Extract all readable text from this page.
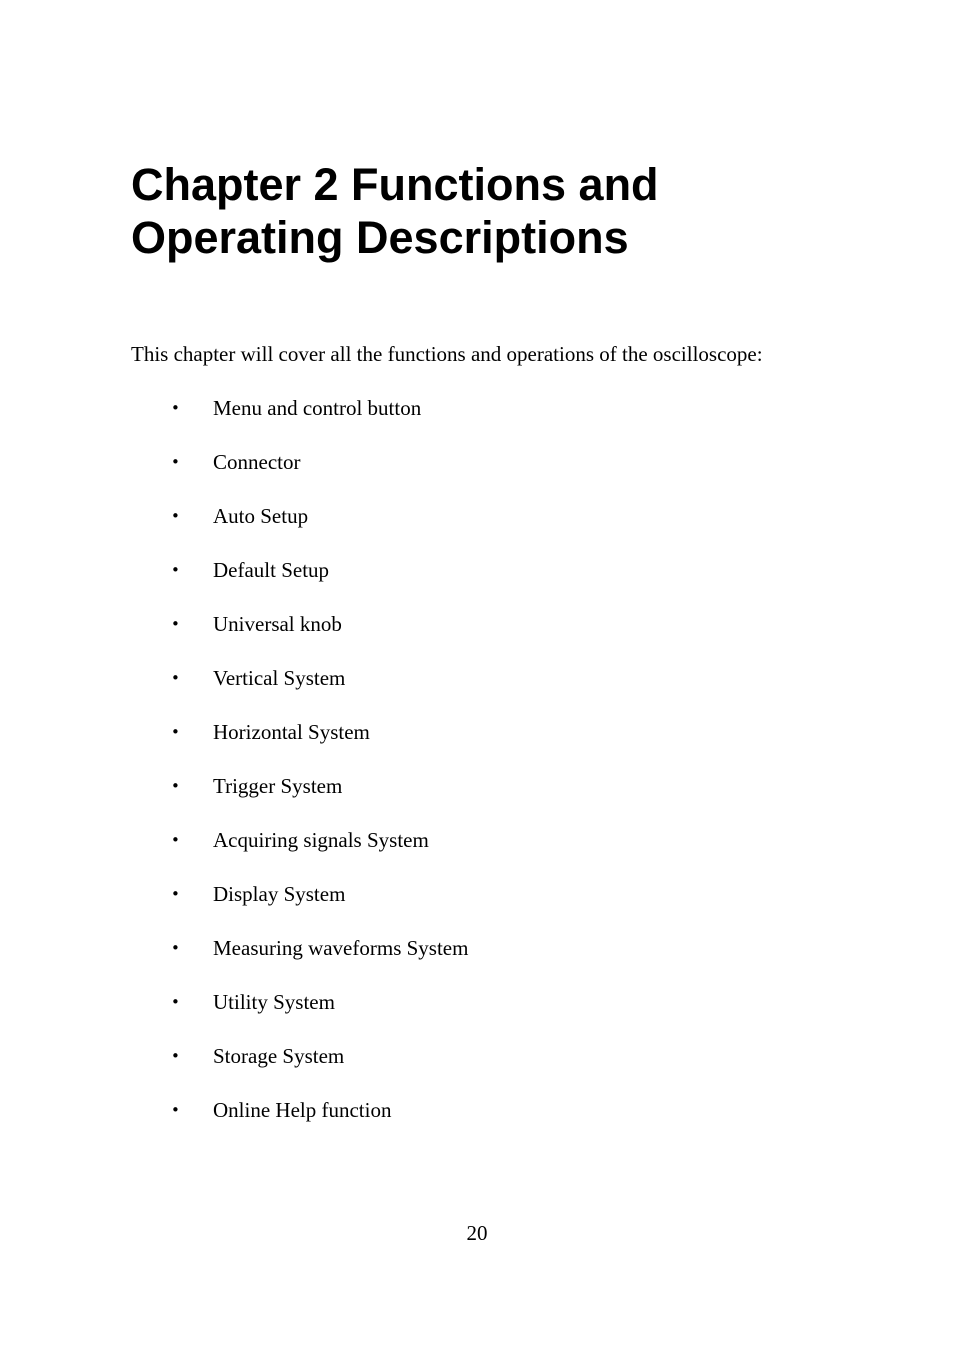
Chapter 2 Functions and
Operating Descriptions

This chapter will cover all the functions and operations of the oscilloscope:

• Menu and control button
• Connector
• Auto Setup
• Default Setup
• Universal knob
• Vertical System
• Horizontal System
• Trigger System
• Acquiring signals System
• Display System
• Measuring waveforms System
• Utility System
• Storage System
• Online Help function
20
